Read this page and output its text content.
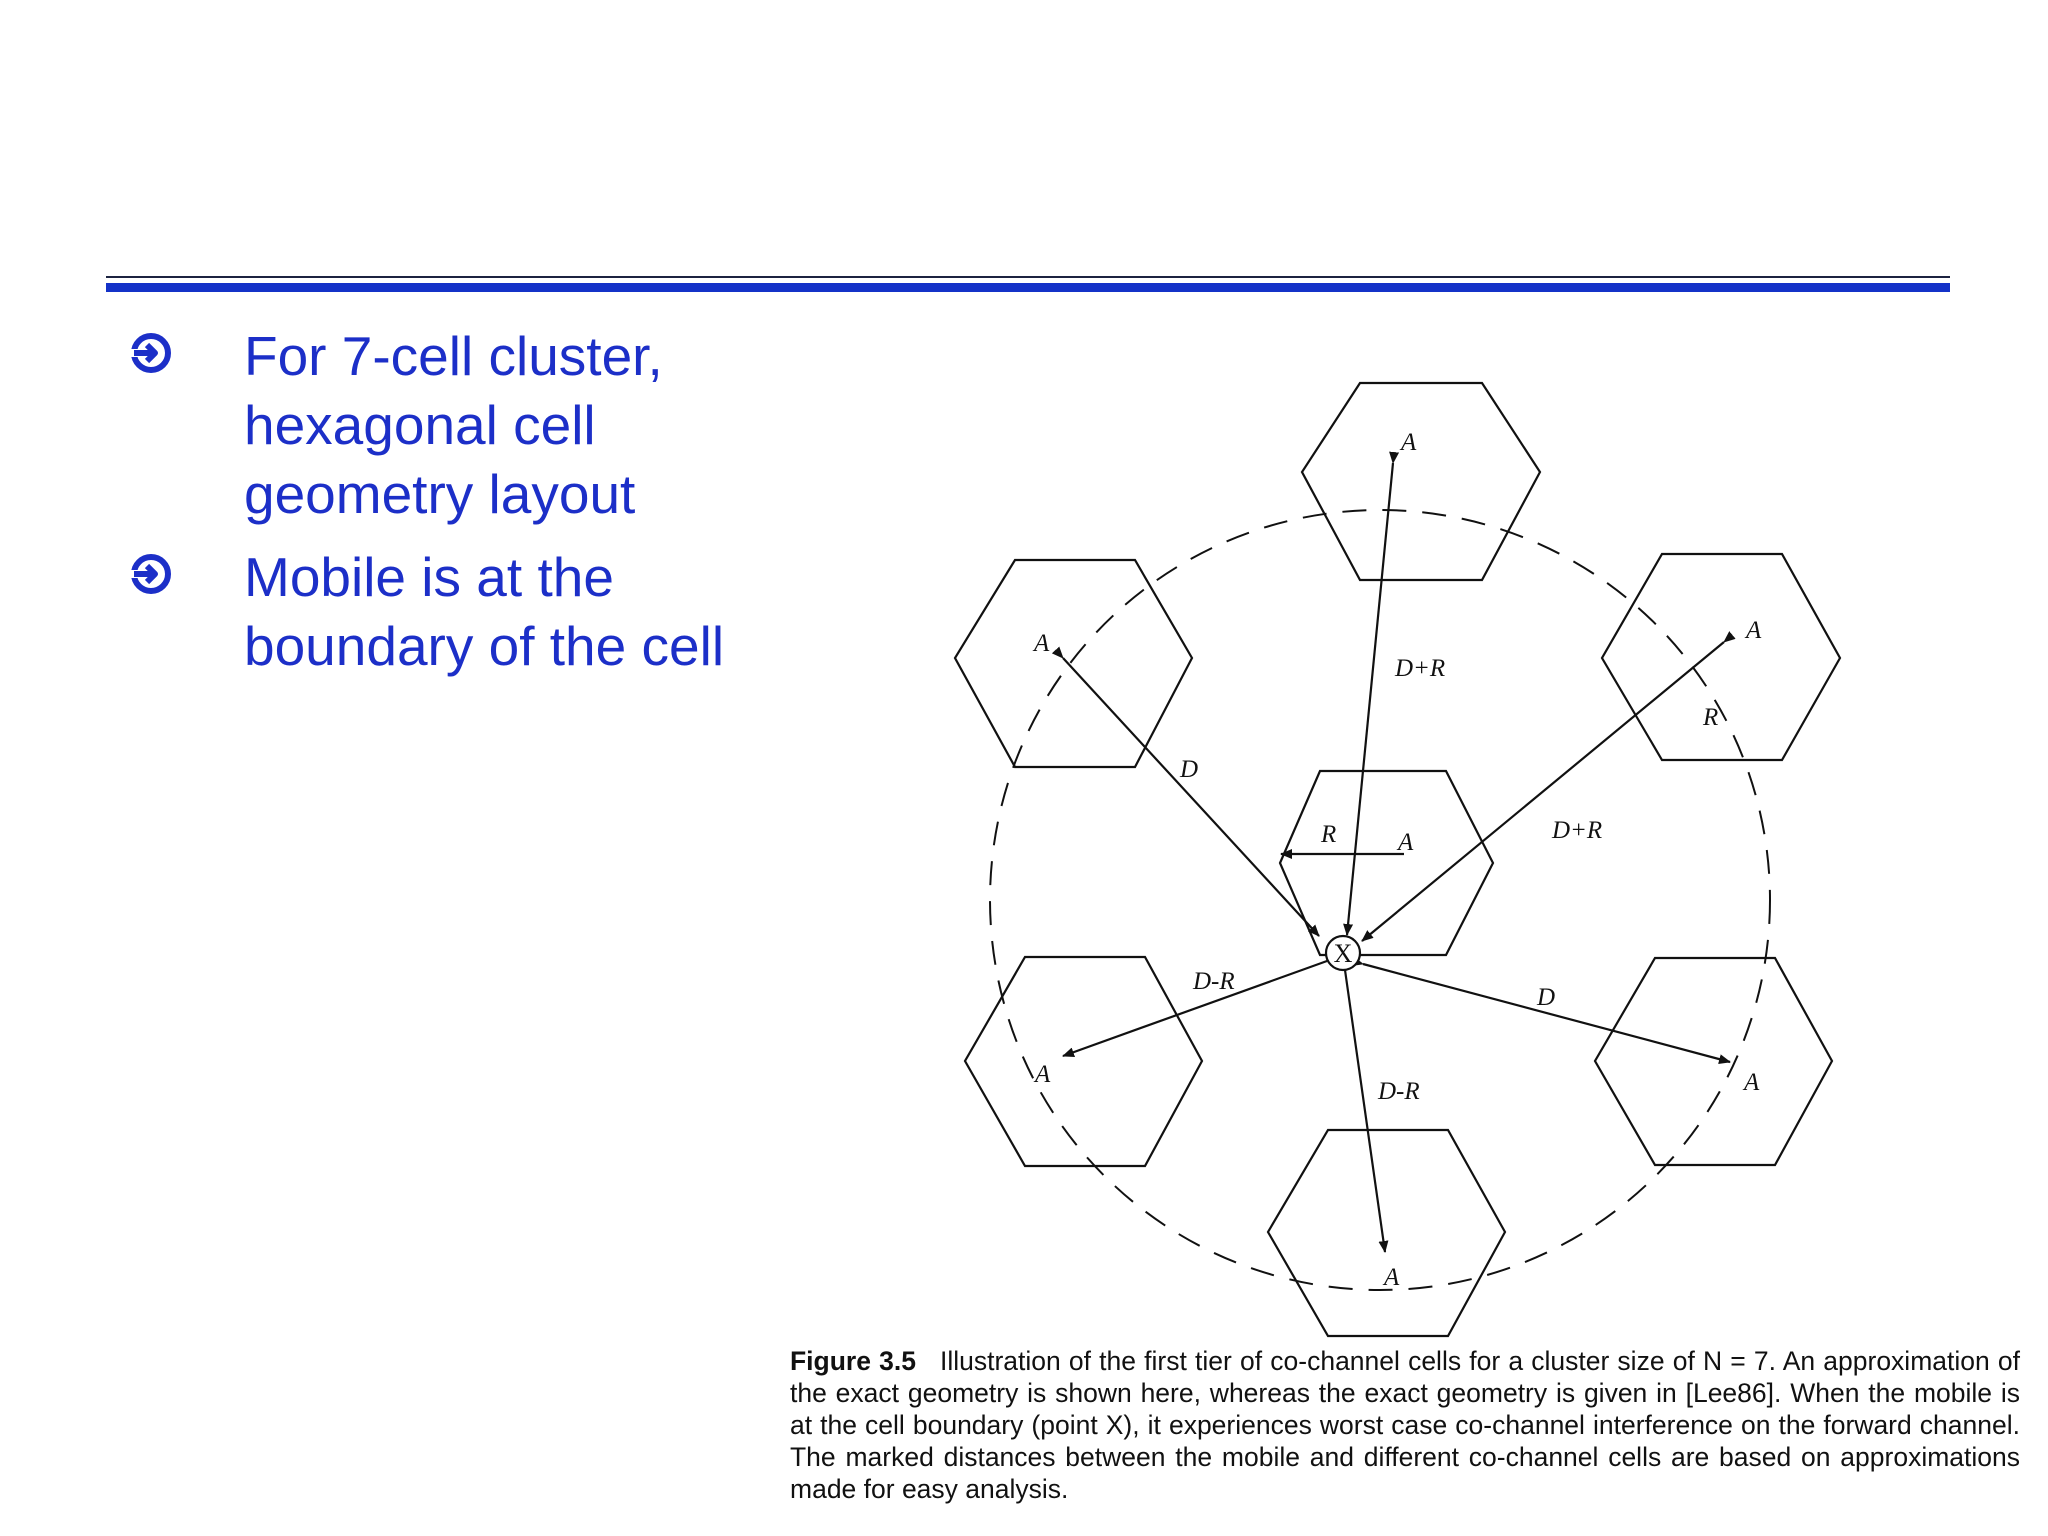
For 7-cell cluster,
hexagonal cell
geometry layout
Mobile is at the
boundary of the cell
X
A
A	A
A
A	A
A
R
R
D+R
D+R
D
D
D-R
D-R
Figure 3.5 Illustration of the first tier of co-channel cells for a cluster size of N = 7. An approximation of the exact geometry is shown here, whereas the exact geometry is given in [Lee86]. When the mobile is at the cell boundary (point X), it experiences worst case co-channel interference on the forward channel. The marked distances between the mobile and different co-channel cells are based on approximations made for easy analysis.
